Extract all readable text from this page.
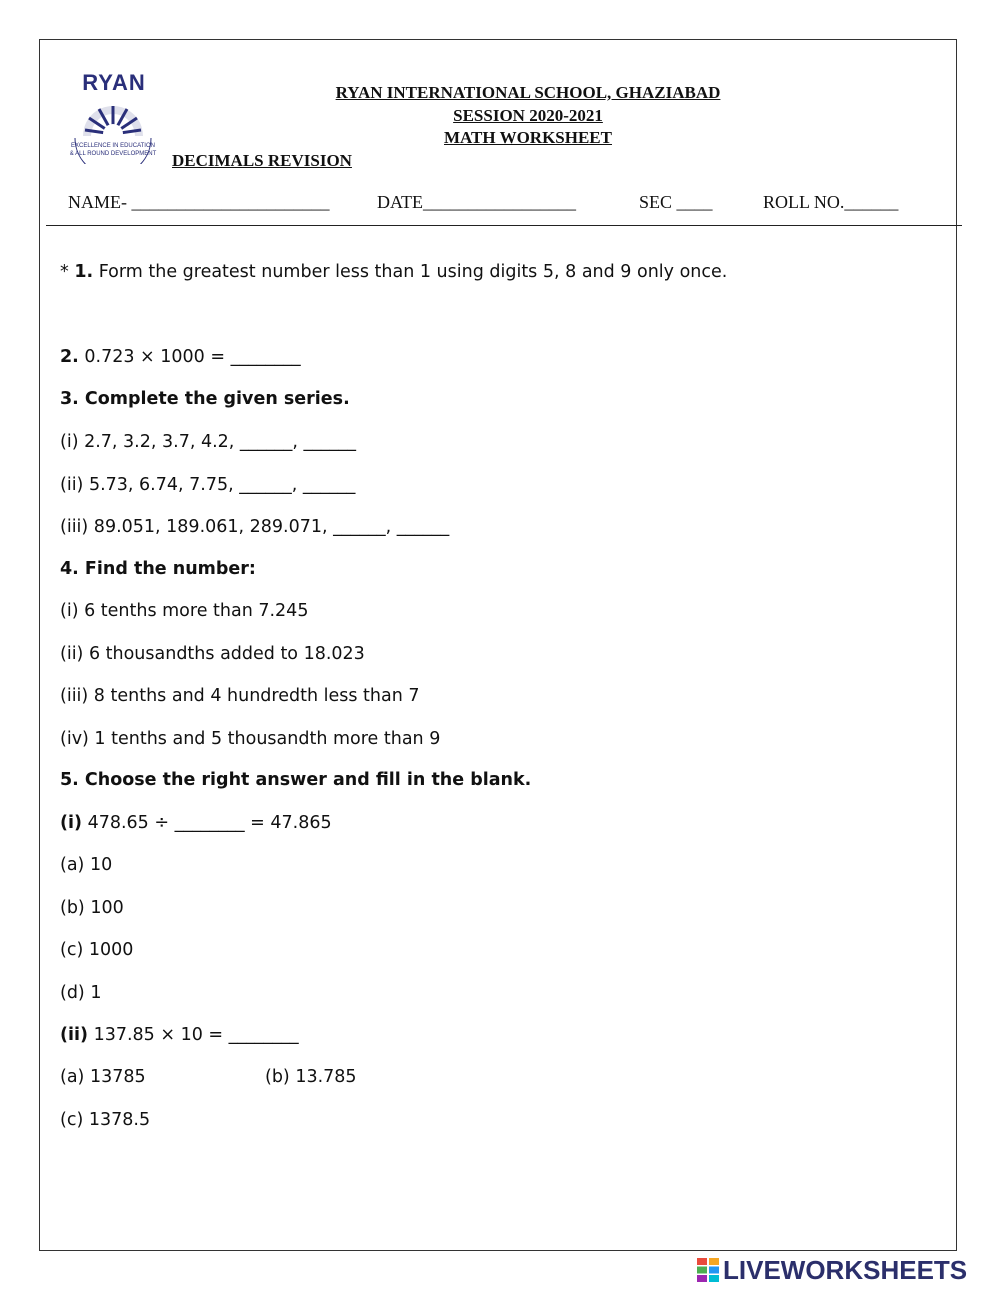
RYAN
EXCELLENCE IN EDUCATION
& ALL ROUND DEVELOPMENT
RYAN INTERNATIONAL SCHOOL, GHAZIABAD
SESSION 2020-2021
MATH WORKSHEET
DECIMALS REVISION
NAME- ______________________	DATE_________________	SEC ____	ROLL NO.______
* 1. Form the greatest number less than 1 using digits 5, 8 and 9 only once.
2. 0.723 × 1000 = ________
3. Complete the given series.
(i) 2.7, 3.2, 3.7, 4.2, ______, ______
(ii) 5.73, 6.74, 7.75, ______, ______
(iii) 89.051, 189.061, 289.071, ______, ______
4. Find the number:
(i) 6 tenths more than 7.245
(ii) 6 thousandths added to 18.023
(iii) 8 tenths and 4 hundredth less than 7
(iv) 1 tenths and 5 thousandth more than 9
5. Choose the right answer and fill in the blank.
(i) 478.65 ÷ ________ = 47.865
(a) 10
(b) 100
(c) 1000
(d) 1
(ii) 137.85 × 10 = ________
(a) 13785	(b) 13.785
(c) 1378.5
LIVEWORKSHEETS
